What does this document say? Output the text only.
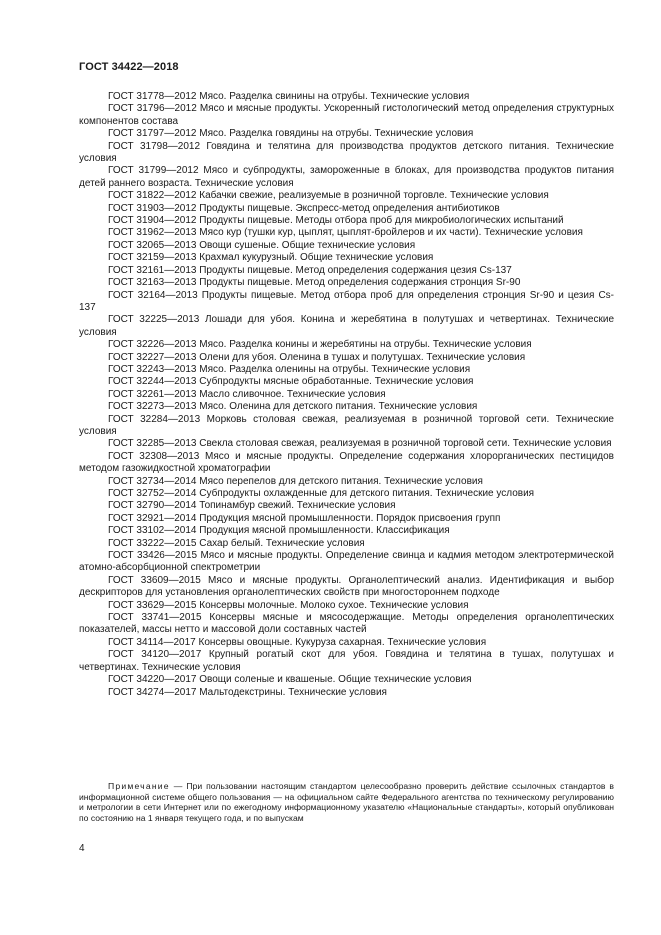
ГОСТ 34422—2018

ГОСТ 31778—2012 Мясо. Разделка свинины на отрубы. Технические условия

ГОСТ 31796—2012 Мясо и мясные продукты. Ускоренный гистологический метод определения структурных компонентов состава

ГОСТ 31797—2012 Мясо. Разделка говядины на отрубы. Технические условия

ГОСТ 31798—2012 Говядина и телятина для производства продуктов детского питания. Технические условия

ГОСТ 31799—2012 Мясо и субпродукты, замороженные в блоках, для производства продуктов питания детей раннего возраста. Технические условия

ГОСТ 31822—2012 Кабачки свежие, реализуемые в розничной торговле. Технические условия

ГОСТ 31903—2012 Продукты пищевые. Экспресс-метод определения антибиотиков

ГОСТ 31904—2012 Продукты пищевые. Методы отбора проб для микробиологических испытаний

ГОСТ 31962—2013 Мясо кур (тушки кур, цыплят, цыплят-бройлеров и их части). Технические условия

ГОСТ 32065—2013 Овощи сушеные. Общие технические условия

ГОСТ 32159—2013 Крахмал кукурузный. Общие технические условия

ГОСТ 32161—2013 Продукты пищевые. Метод определения содержания цезия Cs-137

ГОСТ 32163—2013 Продукты пищевые. Метод определения содержания стронция Sr-90

ГОСТ 32164—2013 Продукты пищевые. Метод отбора проб для определения стронция Sr-90 и цезия Cs-137

ГОСТ 32225—2013 Лошади для убоя. Конина и жеребятина в полутушах и четвертинах. Технические условия

ГОСТ 32226—2013 Мясо. Разделка конины и жеребятины на отрубы. Технические условия

ГОСТ 32227—2013 Олени для убоя. Оленина в тушах и полутушах. Технические условия

ГОСТ 32243—2013 Мясо. Разделка оленины на отрубы. Технические условия

ГОСТ 32244—2013 Субпродукты мясные обработанные. Технические условия

ГОСТ 32261—2013 Масло сливочное. Технические условия

ГОСТ 32273—2013 Мясо. Оленина для детского питания. Технические условия

ГОСТ 32284—2013 Морковь столовая свежая, реализуемая в розничной торговой сети. Технические условия

ГОСТ 32285—2013 Свекла столовая свежая, реализуемая в розничной торговой сети. Технические условия

ГОСТ 32308—2013 Мясо и мясные продукты. Определение содержания хлорорганических пестицидов методом газожидкостной хроматографии

ГОСТ 32734—2014 Мясо перепелов для детского питания. Технические условия

ГОСТ 32752—2014 Субпродукты охлажденные для детского питания. Технические условия

ГОСТ 32790—2014 Топинамбур свежий. Технические условия

ГОСТ 32921—2014 Продукция мясной промышленности. Порядок присвоения групп

ГОСТ 33102—2014 Продукция мясной промышленности. Классификация

ГОСТ 33222—2015 Сахар белый. Технические условия

ГОСТ 33426—2015 Мясо и мясные продукты. Определение свинца и кадмия методом электротермической атомно-абсорбционной спектрометрии

ГОСТ 33609—2015 Мясо и мясные продукты. Органолептический анализ. Идентификация и выбор дескрипторов для установления органолептических свойств при многостороннем подходе

ГОСТ 33629—2015 Консервы молочные. Молоко сухое. Технические условия

ГОСТ 33741—2015 Консервы мясные и мясосодержащие. Методы определения органолептических показателей, массы нетто и массовой доли составных частей

ГОСТ 34114—2017 Консервы овощные. Кукуруза сахарная. Технические условия

ГОСТ 34120—2017 Крупный рогатый скот для убоя. Говядина и телятина в тушах, полутушах и четвертинах. Технические условия

ГОСТ 34220—2017 Овощи соленые и квашеные. Общие технические условия

ГОСТ 34274—2017 Мальтодекстрины. Технические условия

Примечание — При пользовании настоящим стандартом целесообразно проверить действие ссылочных стандартов в информационной системе общего пользования — на официальном сайте Федерального агентства по техническому регулированию и метрологии в сети Интернет или по ежегодному информационному указателю «Национальные стандарты», который опубликован по состоянию на 1 января текущего года, и по выпускам

4
